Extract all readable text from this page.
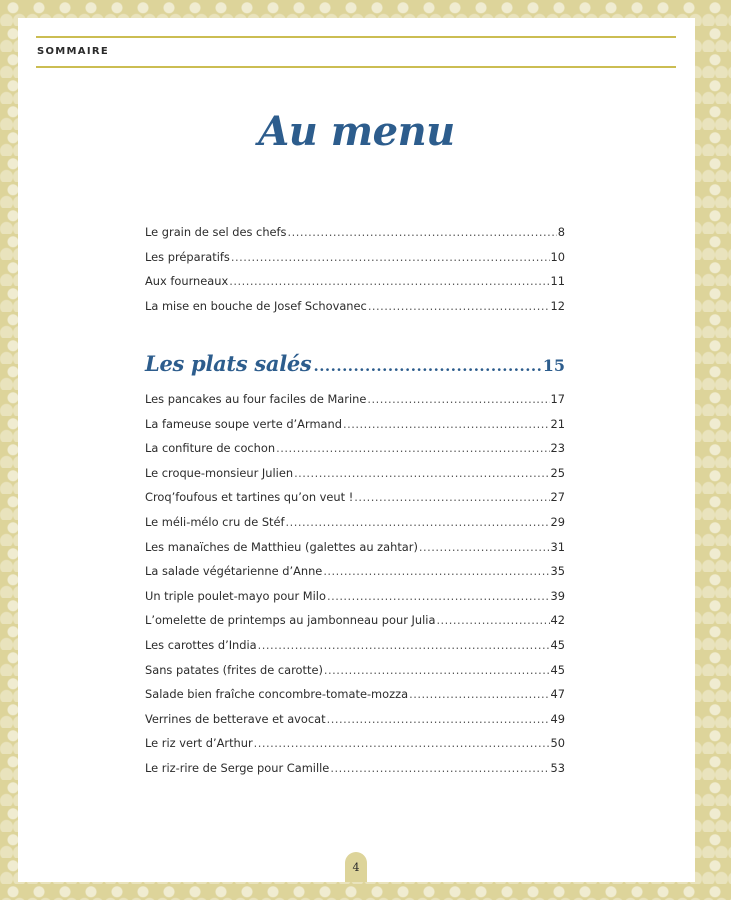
SOMMAIRE
Au menu
Le grain de sel des chefs .....	8
Les préparatifs .....	10
Aux fourneaux .....	11
La mise en bouche de Josef Schovanec .....	12
Les plats salés .....	15
Les pancakes au four faciles de Marine .....	17
La fameuse soupe verte d’Armand .....	21
La confiture de cochon .....	23
Le croque-monsieur Julien .....	25
Croq’foufous et tartines qu’on veut ! .....	27
Le méli-mélo cru de Stéf .....	29
Les manaïches de Matthieu (galettes au zahtar) .....	31
La salade végétarienne d’Anne .....	35
Un triple poulet-mayo pour Milo .....	39
L’omelette de printemps au jambonneau pour Julia .....	42
Les carottes d’India .....	45
Sans patates (frites de carotte) .....	45
Salade bien fraîche concombre-tomate-mozza .....	47
Verrines de betterave et avocat .....	49
Le riz vert d’Arthur .....	50
Le riz-rire de Serge pour Camille .....	53
4
